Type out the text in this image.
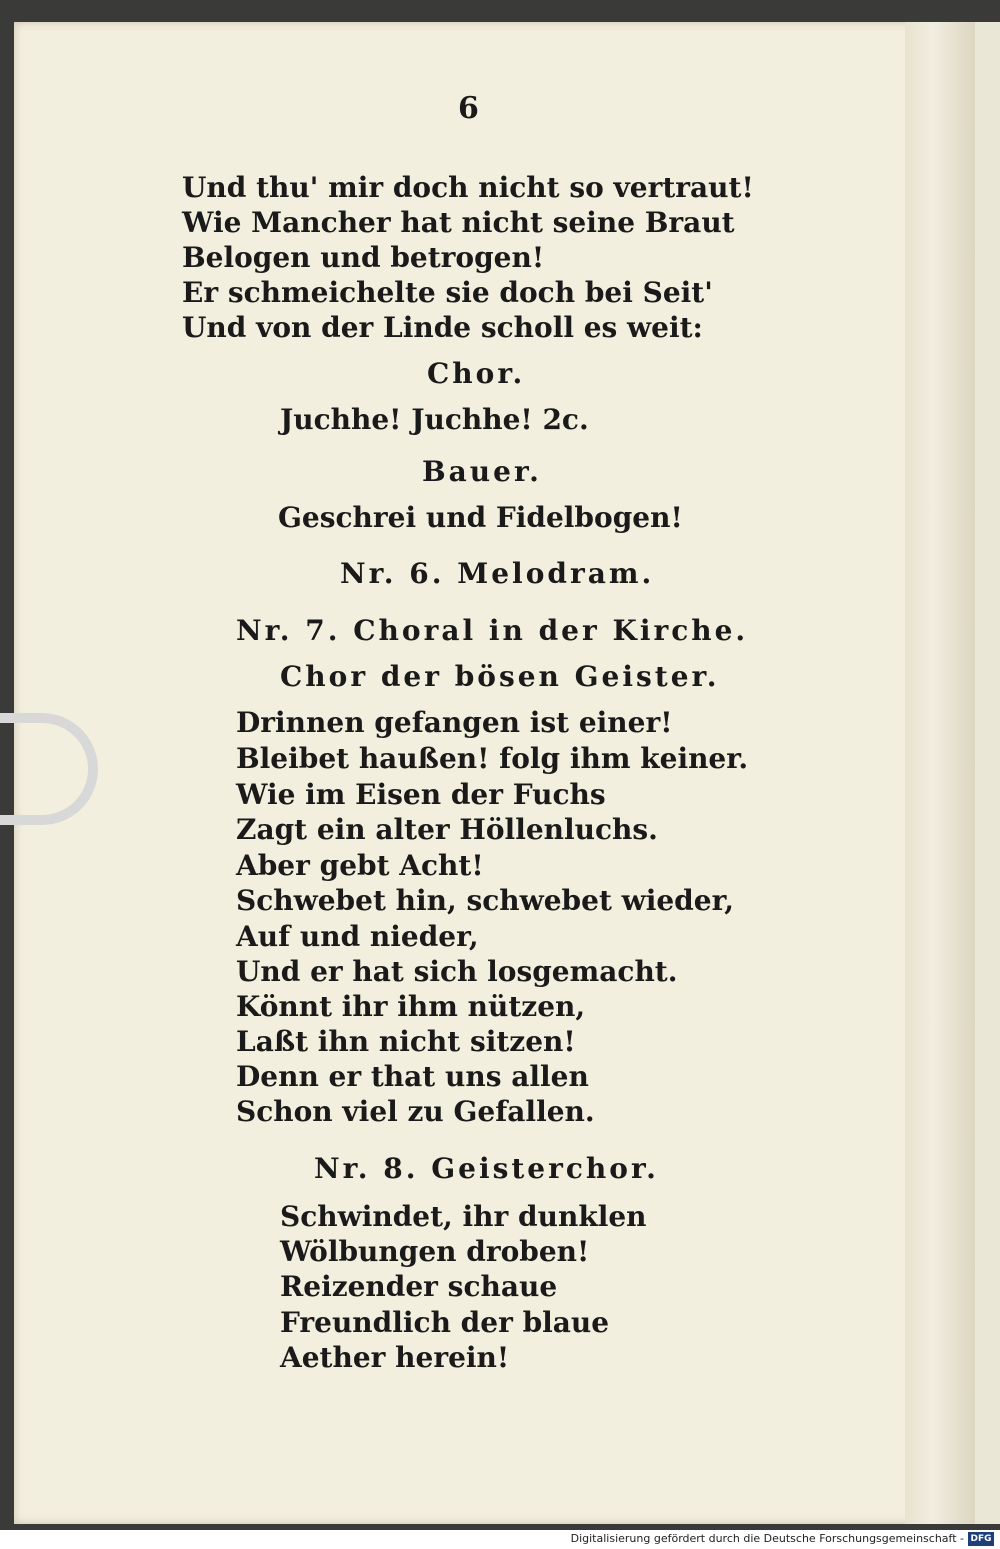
6
Und thu' mir doch nicht so vertraut!
Wie Mancher hat nicht seine Braut
Belogen und betrogen!
Er schmeichelte sie doch bei Seit'
Und von der Linde scholl es weit:
Chor.
Juchhe! Juchhe! 2c.
Bauer.
Geschrei und Fidelbogen!
Nr. 6. Melodram.
Nr. 7. Choral in der Kirche.
Chor der bösen Geister.
Drinnen gefangen ist einer!
Bleibet haußen! folg ihm keiner.
Wie im Eisen der Fuchs
Zagt ein alter Höllenluchs.
Aber gebt Acht!
Schwebet hin, schwebet wieder,
Auf und nieder,
Und er hat sich losgemacht.
Könnt ihr ihm nützen,
Laßt ihn nicht sitzen!
Denn er that uns allen
Schon viel zu Gefallen.
Nr. 8. Geisterchor.
Schwindet, ihr dunklen
Wölbungen droben!
Reizender schaue
Freundlich der blaue
Aether herein!
Digitalisierung gefördert durch die Deutsche Forschungsgemeinschaft - DFG
